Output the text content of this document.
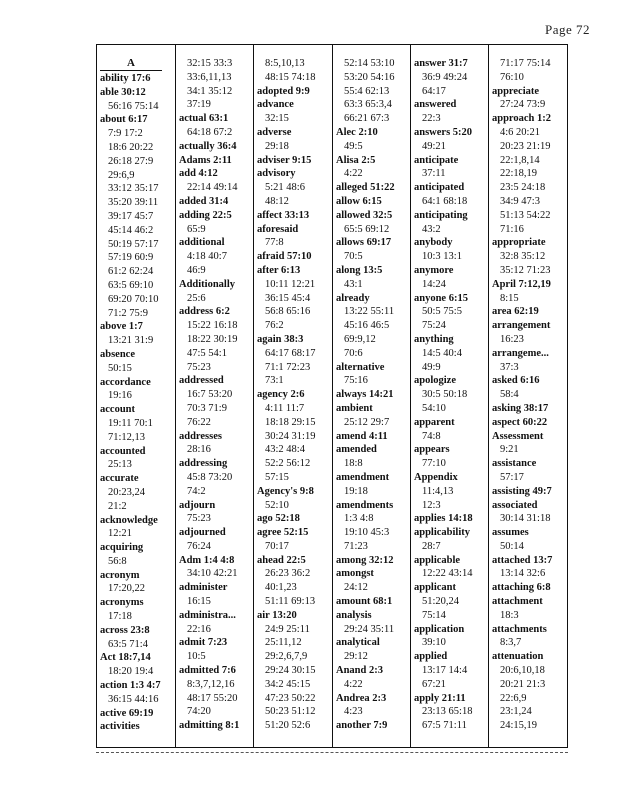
Page 72
A
ability 17:6
able 30:12
56:16 75:14
about 6:17
7:9 17:2
18:6 20:22
26:18 27:9
29:6,9
33:12 35:17
35:20 39:11
39:17 45:7
45:14 46:2
50:19 57:17
57:19 60:9
61:2 62:24
63:5 69:10
69:20 70:10
71:2 75:9
above 1:7
13:21 31:9
absence
50:15
accordance
19:16
account
19:11 70:1
71:12,13
accounted
25:13
accurate
20:23,24
21:2
acknowledge
12:21
acquiring
56:8
acronym
17:20,22
acronyms
17:18
across 23:8
63:5 71:4
Act 18:7,14
18:20 19:4
action 1:3 4:7
36:15 44:16
active 69:19
activities
32:15 33:3
33:6,11,13
34:1 35:12
37:19
actual 63:1
64:18 67:2
actually 36:4
Adams 2:11
add 4:12
22:14 49:14
added 31:4
adding 22:5
65:9
additional
4:18 40:7
46:9
Additionally
25:6
address 6:2
15:22 16:18
18:22 30:19
47:5 54:1
75:23
addressed
16:7 53:20
70:3 71:9
76:22
addresses
28:16
addressing
45:8 73:20
74:2
adjourn
75:23
adjourned
76:24
Adm 1:4 4:8
34:10 42:21
administer
16:15
administra...
22:16
admit 7:23
10:5
admitted 7:6
8:3,7,12,16
48:17 55:20
74:20
admitting 8:1
8:5,10,13
48:15 74:18
adopted 9:9
advance
32:15
adverse
29:18
adviser 9:15
advisory
5:21 48:6
48:12
affect 33:13
aforesaid
77:8
afraid 57:10
after 6:13
10:11 12:21
36:15 45:4
56:8 65:16
76:2
again 38:3
64:17 68:17
71:1 72:23
73:1
agency 2:6
4:11 11:7
18:18 29:15
30:24 31:19
43:2 48:4
52:2 56:12
57:15
Agency's 9:8
52:10
ago 52:18
agree 52:15
70:17
ahead 22:5
26:23 36:2
40:1,23
51:11 69:13
air 13:20
24:9 25:11
25:11,12
29:2,6,7,9
29:24 30:15
34:2 45:15
47:23 50:22
50:23 51:12
51:20 52:6
52:14 53:10
53:20 54:16
55:4 62:13
63:3 65:3,4
66:21 67:3
Alec 2:10
49:5
Alisa 2:5
4:22
alleged 51:22
allow 6:15
allowed 32:5
65:5 69:12
allows 69:17
70:5
along 13:5
43:1
already
13:22 55:11
45:16 46:5
69:9,12
70:6
alternative
75:16
always 14:21
ambient
25:12 29:7
amend 4:11
amended
18:8
amendment
19:18
amendments
1:3 4:8
19:10 45:3
71:23
among 32:12
amongst
24:12
amount 68:1
analysis
29:24 35:11
analytical
29:12
Anand 2:3
4:22
Andrea 2:3
4:23
another 7:9
answer 31:7
36:9 49:24
64:17
answered
22:3
answers 5:20
49:21
anticipate
37:11
anticipated
64:1 68:18
anticipating
43:2
anybody
10:3 13:1
anymore
14:24
anyone 6:15
50:5 75:5
75:24
anything
14:5 40:4
49:9
apologize
30:5 50:18
54:10
apparent
74:8
appears
77:10
Appendix
11:4,13
12:3
applies 14:18
applicability
28:7
applicable
12:22 43:14
applicant
51:20,24
75:14
application
39:10
applied
13:17 14:4
67:21
apply 21:11
23:13 65:18
67:5 71:11
71:17 75:14
76:10
appreciate
27:24 73:9
approach 1:2
4:6 20:21
20:23 21:19
22:1,8,14
22:18,19
23:5 24:18
34:9 47:3
51:13 54:22
71:16
appropriate
32:8 35:12
35:12 71:23
April 7:12,19
8:15
area 62:19
arrangement
16:23
arrangeme...
37:3
asked 6:16
58:4
asking 38:17
aspect 60:22
Assessment
9:21
assistance
57:17
assisting 49:7
associated
30:14 31:18
assumes
50:14
attached 13:7
13:14 32:6
attaching 6:8
attachment
18:3
attachments
8:3,7
attenuation
20:6,10,18
20:21 21:3
22:6,9
23:1,24
24:15,19
